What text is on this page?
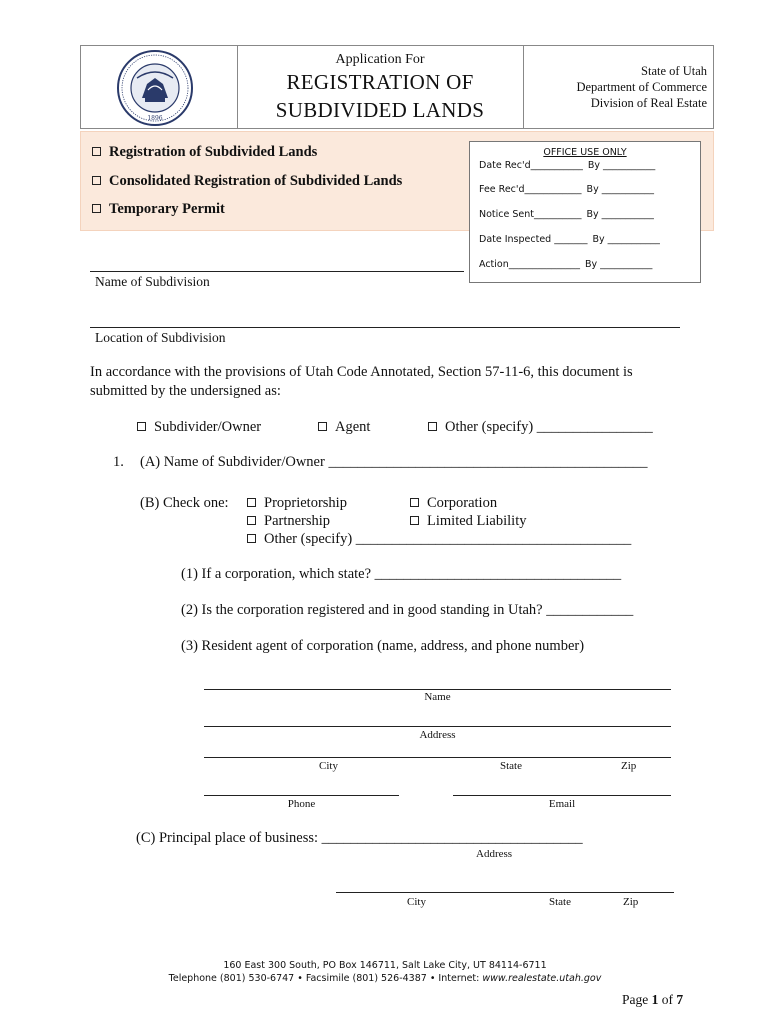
1896
Application For
REGISTRATION OF
SUBDIVIDED LANDS
State of Utah
Department of Commerce
Division of Real Estate
Registration of Subdivided Lands
Consolidated Registration of Subdivided Lands
Temporary Permit
OFFICE USE ONLY
Date Rec'd___________ By ___________
Fee Rec'd____________ By ___________
Notice Sent__________ By ___________
Date Inspected _______ By ___________
Action_______________ By ___________
Name of Subdivision
Location of Subdivision
In accordance with the provisions of Utah Code Annotated, Section 57-11-6, this document is
submitted by the undersigned as:
Subdivider/Owner	Agent	Other (specify) ________________
1. (A) Name of Subdivider/Owner ____________________________________________
(B) Check one:	Proprietorship	Corporation
Partnership	Limited Liability
Other (specify) ______________________________________
(1) If a corporation, which state? __________________________________
(2) Is the corporation registered and in good standing in Utah? ____________
(3) Resident agent of corporation (name, address, and phone number)
Name
Address
City	State	Zip
Phone	Email
(C) Principal place of business: ____________________________________
Address
City	State	Zip
160 East 300 South, PO Box 146711, Salt Lake City, UT 84114-6711
Telephone (801) 530-6747 • Facsimile (801) 526-4387 • Internet: www.realestate.utah.gov
Page 1 of 7
